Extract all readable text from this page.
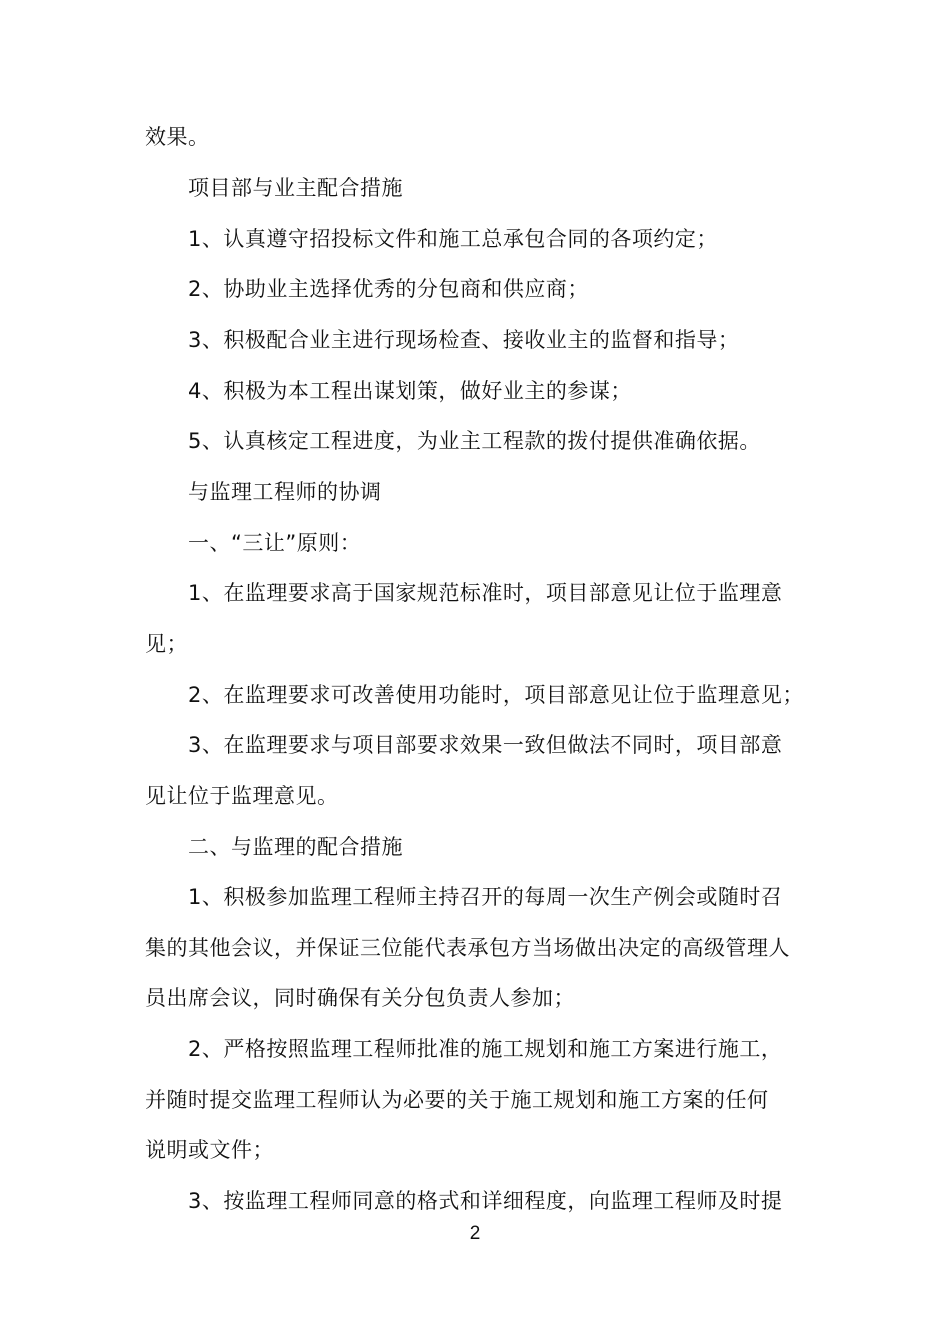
效果。
项目部与业主配合措施
1、认真遵守招投标文件和施工总承包合同的各项约定；
2、协助业主选择优秀的分包商和供应商；
3、积极配合业主进行现场检查、接收业主的监督和指导；
4、积极为本工程出谋划策，做好业主的参谋；
5、认真核定工程进度，为业主工程款的拨付提供准确依据。
与监理工程师的协调
一、“三让”原则：
1、在监理要求高于国家规范标准时，项目部意见让位于监理意
见；
2、在监理要求可改善使用功能时，项目部意见让位于监理意见；
3、在监理要求与项目部要求效果一致但做法不同时，项目部意
见让位于监理意见。
二、与监理的配合措施
1、积极参加监理工程师主持召开的每周一次生产例会或随时召
集的其他会议，并保证三位能代表承包方当场做出决定的高级管理人
员出席会议，同时确保有关分包负责人参加；
2、严格按照监理工程师批准的施工规划和施工方案进行施工，
并随时提交监理工程师认为必要的关于施工规划和施工方案的任何
说明或文件；
3、按监理工程师同意的格式和详细程度，向监理工程师及时提
2
